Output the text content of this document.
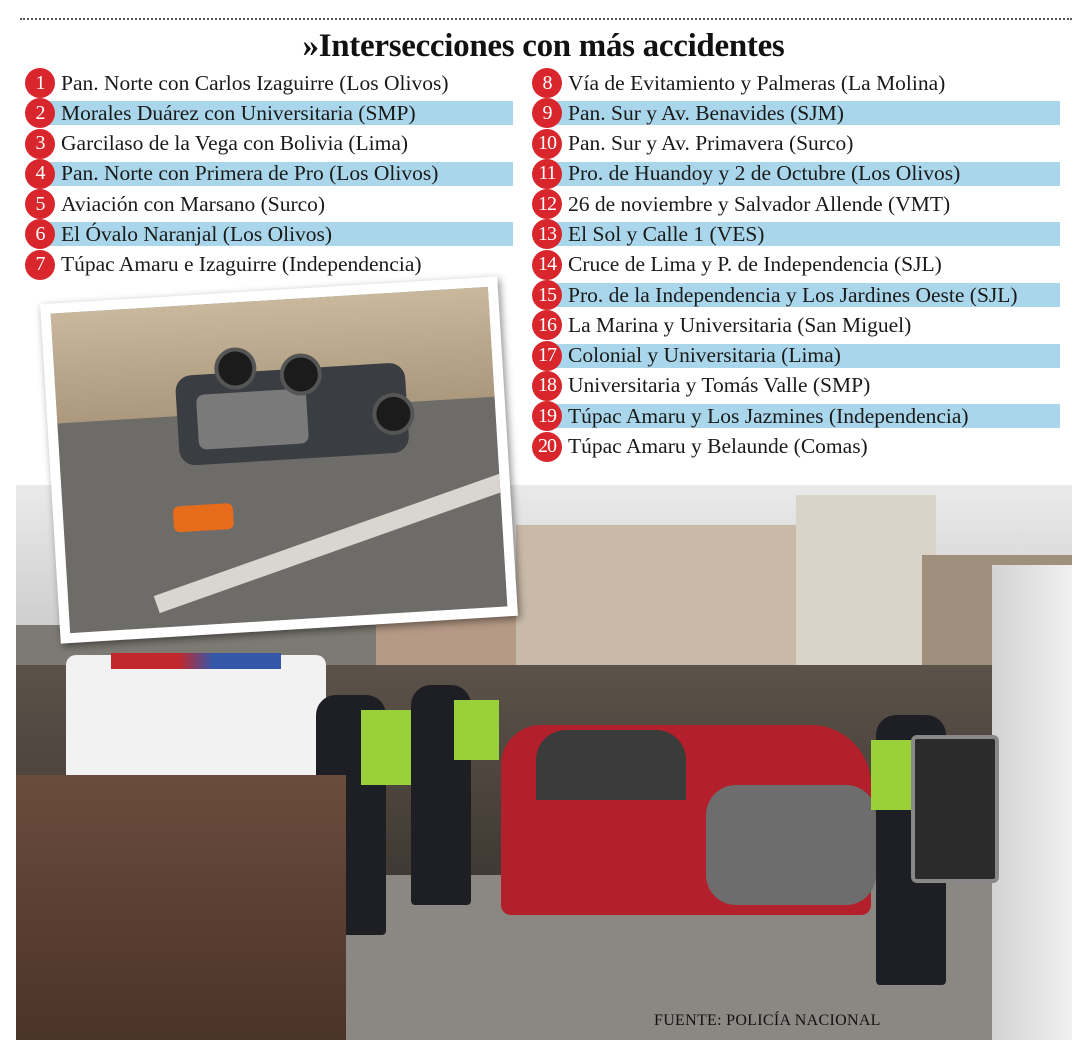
»Intersecciones con más accidentes
1 Pan. Norte con Carlos Izaguirre (Los Olivos)
2 Morales Duárez con Universitaria (SMP)
3 Garcilaso de la Vega con Bolivia (Lima)
4 Pan. Norte con Primera de Pro (Los Olivos)
5 Aviación con Marsano (Surco)
6 El Óvalo Naranjal (Los Olivos)
7 Túpac Amaru e Izaguirre (Independencia)
8 Vía de Evitamiento y Palmeras (La Molina)
9 Pan. Sur y Av. Benavides (SJM)
10 Pan. Sur y Av. Primavera (Surco)
11 Pro. de Huandoy y 2 de Octubre (Los Olivos)
12 26 de noviembre y Salvador Allende (VMT)
13 El Sol y Calle 1 (VES)
14 Cruce de Lima y P. de Independencia (SJL)
15 Pro. de la Independencia y Los Jardines Oeste (SJL)
16 La Marina y Universitaria (San Miguel)
17 Colonial y Universitaria (Lima)
18 Universitaria y Tomás Valle (SMP)
19 Túpac Amaru y Los Jazmines (Independencia)
20 Túpac Amaru y Belaunde (Comas)
FUENTE: POLICÍA NACIONAL
